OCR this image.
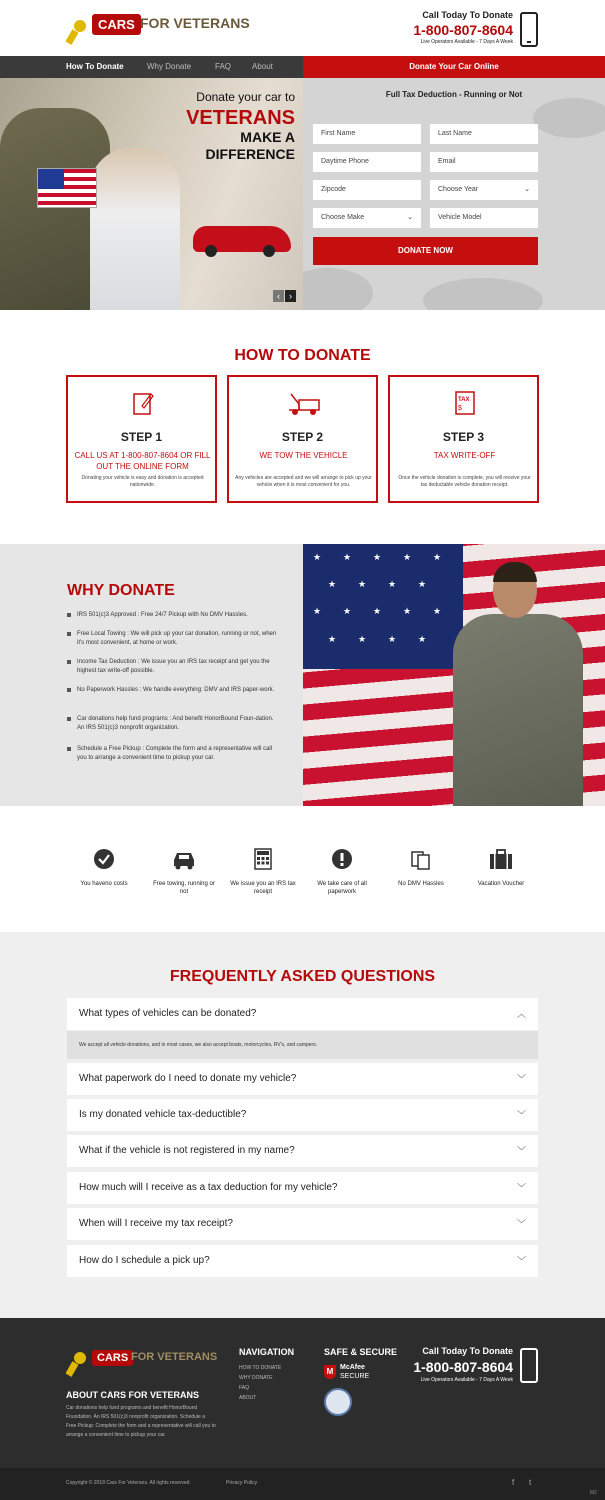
CARS FOR VETERANS	Call Today To Donate
1-800-807-8604
Live Operators Available - 7 Days A Week
How To Donate	Why Donate	FAQ	About	Donate Your Car Online
Donate your car to
VETERANS
MAKE A
DIFFERENCE
‹	›
Full Tax Deduction - Running or Not
First Name	Last Name
Daytime Phone	Email
Zipcode	Choose Year	⌄
Choose Make	⌄	Vehicle Model
DONATE NOW
HOW TO DONATE
STEP 1
CALL US AT 1-800-807-8604 OR FILL OUT THE ONLINE FORM
Donating your vehicle is easy and donation is accepted nationwide.
STEP 2
WE TOW THE VEHICLE
Any vehicles are accepted and we will arrange to pick up your vehicle when it is most convenient for you.
TAX
$
STEP 3
TAX WRITE-OFF
Once the vehicle donation is complete, you will receive your tax deductable vehicle donation receipt.
WHY DONATE
IRS 501(c)3 Approved : Free 24/7 Pickup with No DMV Hassles.
Free Local Towing : We will pick up your car donation, running or not, when it's most convenient, at home or work.
Income Tax Deduction : We issue you an IRS tax receipt and get you the highest tax write-off possible.
No Paperwork Hassles : We handle everything: DMV and IRS paper-work.
Car donations help fund programs : And benefit HonorBound Foun-dation. An IRS 501(c)3 nonprofit organization.
Schedule a Free Pickup : Complete the form and a representative will call you to arrange a convenient time to pickup your car.
★ ★ ★ ★ ★
★ ★ ★ ★
★ ★ ★ ★ ★
★ ★ ★ ★
You haveno costs	Free towing, running or not
We issue you an IRS tax receipt
We take care of all paperwork
No DMV Hassles	Vacation Voucher
FREQUENTLY ASKED QUESTIONS
What types of vehicles can be donated?	︿
We accept all vehicle donations, and in most cases, we also accept boats, motorcycles, RV's, and campers.
What paperwork do I need to donate my vehicle?	﹀
Is my donated vehicle tax-deductible?	﹀
What if the vehicle is not registered in my name?	﹀
How much will I receive as a tax deduction for my vehicle?	﹀
When will I receive my tax receipt?	﹀
How do I schedule a pick up?	﹀
CARS FOR VETERANS
ABOUT CARS FOR VETERANS
Car donations help fund programs and benefit HonorBound Foundation. An IRS 501(c)3 nonprofit organization. Schedule a Free Pickup: Complete the form and a representative will call you to arrange a convenient time to pickup your car.
NAVIGATION
HOW TO DONATE
WHY DONATE
FAQ
ABOUT
SAFE & SECURE
M McAfee
SECURE
Call Today To Donate
1-800-807-8604
Live Operators Available - 7 Days A Week
Copyright © 2018 Cars For Veterans. All rights reserved.	Privacy Policy	f t
M2
